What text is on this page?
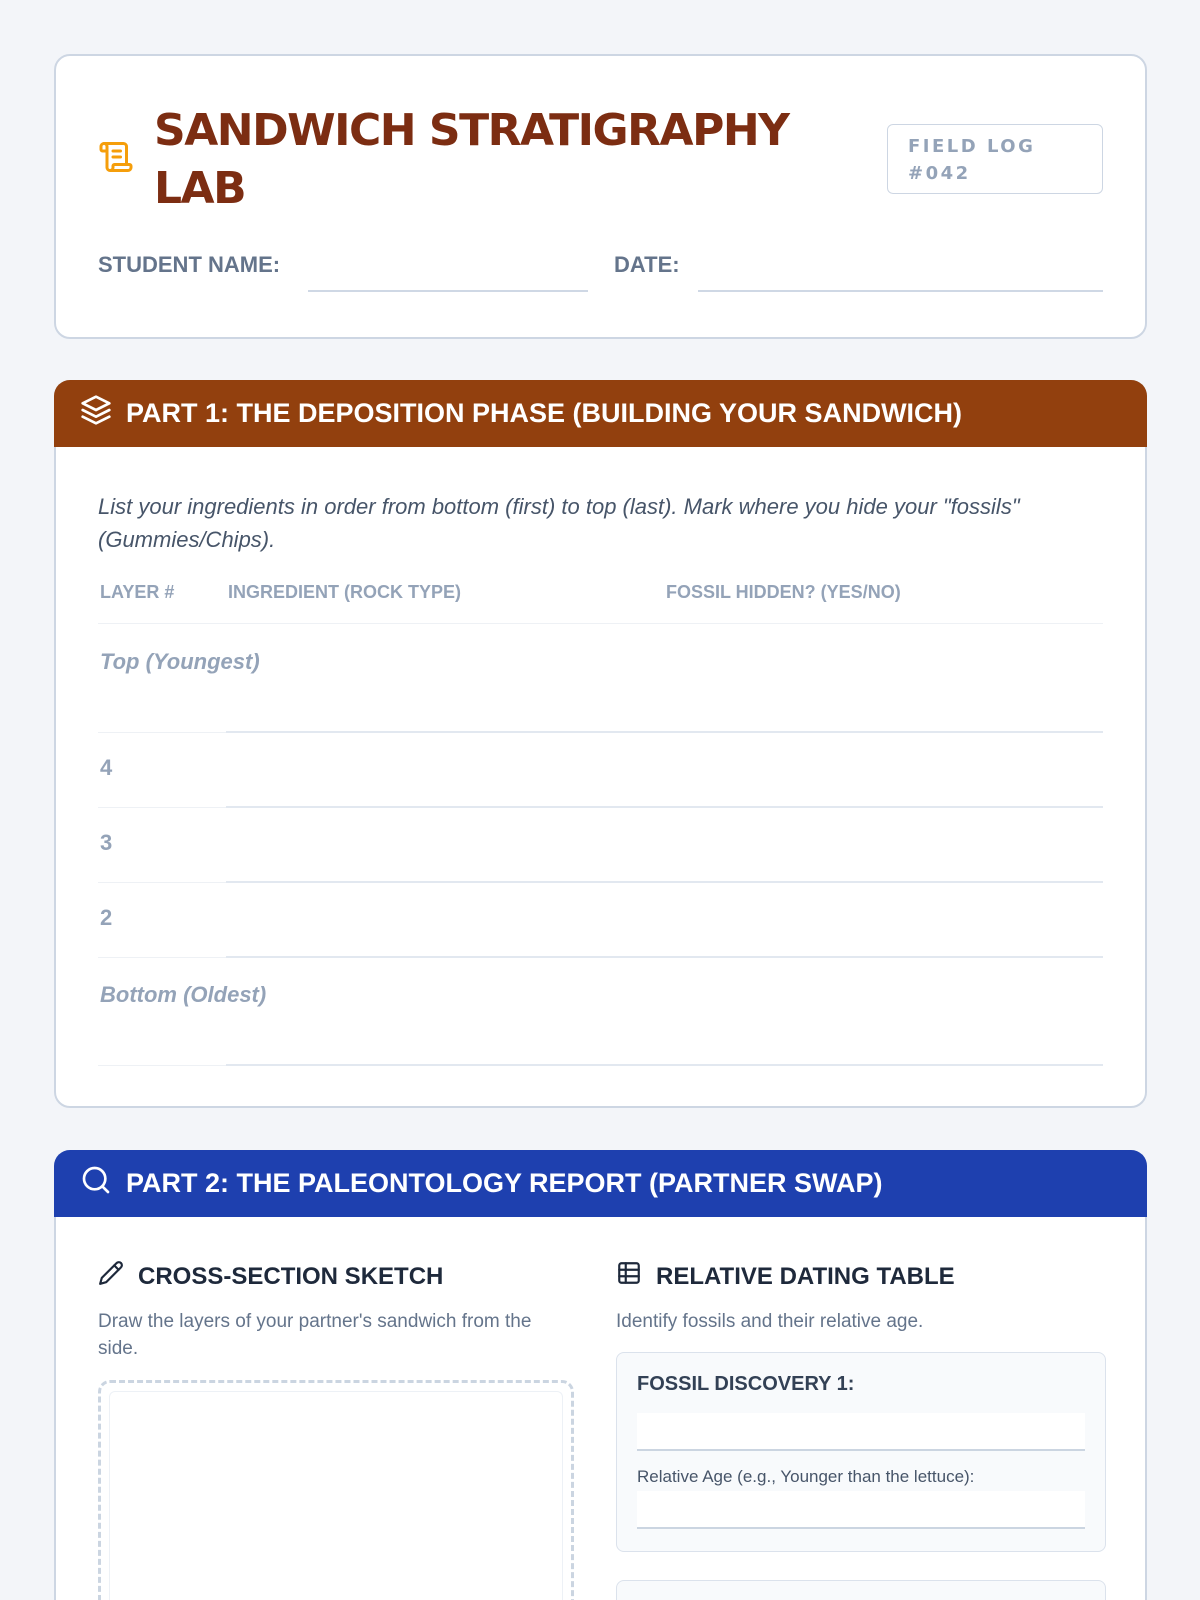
SANDWICH STRATIGRAPHY LAB
FIELD LOG #042
STUDENT NAME:	DATE:
PART 1: THE DEPOSITION PHASE (BUILDING YOUR SANDWICH)

List your ingredients in order from bottom (first) to top (last). Mark where you hide your "fossils" (Gummies/Chips).

LAYER #	INGREDIENT (ROCK TYPE)	FOSSIL HIDDEN? (YES/NO)
Top (Youngest)
4
3
2
Bottom (Oldest)
PART 2: THE PALEONTOLOGY REPORT (PARTNER SWAP)
CROSS-SECTION SKETCH

Draw the layers of your partner's sandwich from the side.

RELATIVE DATING TABLE

Identify fossils and their relative age.

FOSSIL DISCOVERY 1:
Relative Age (e.g., Younger than the lettuce):
